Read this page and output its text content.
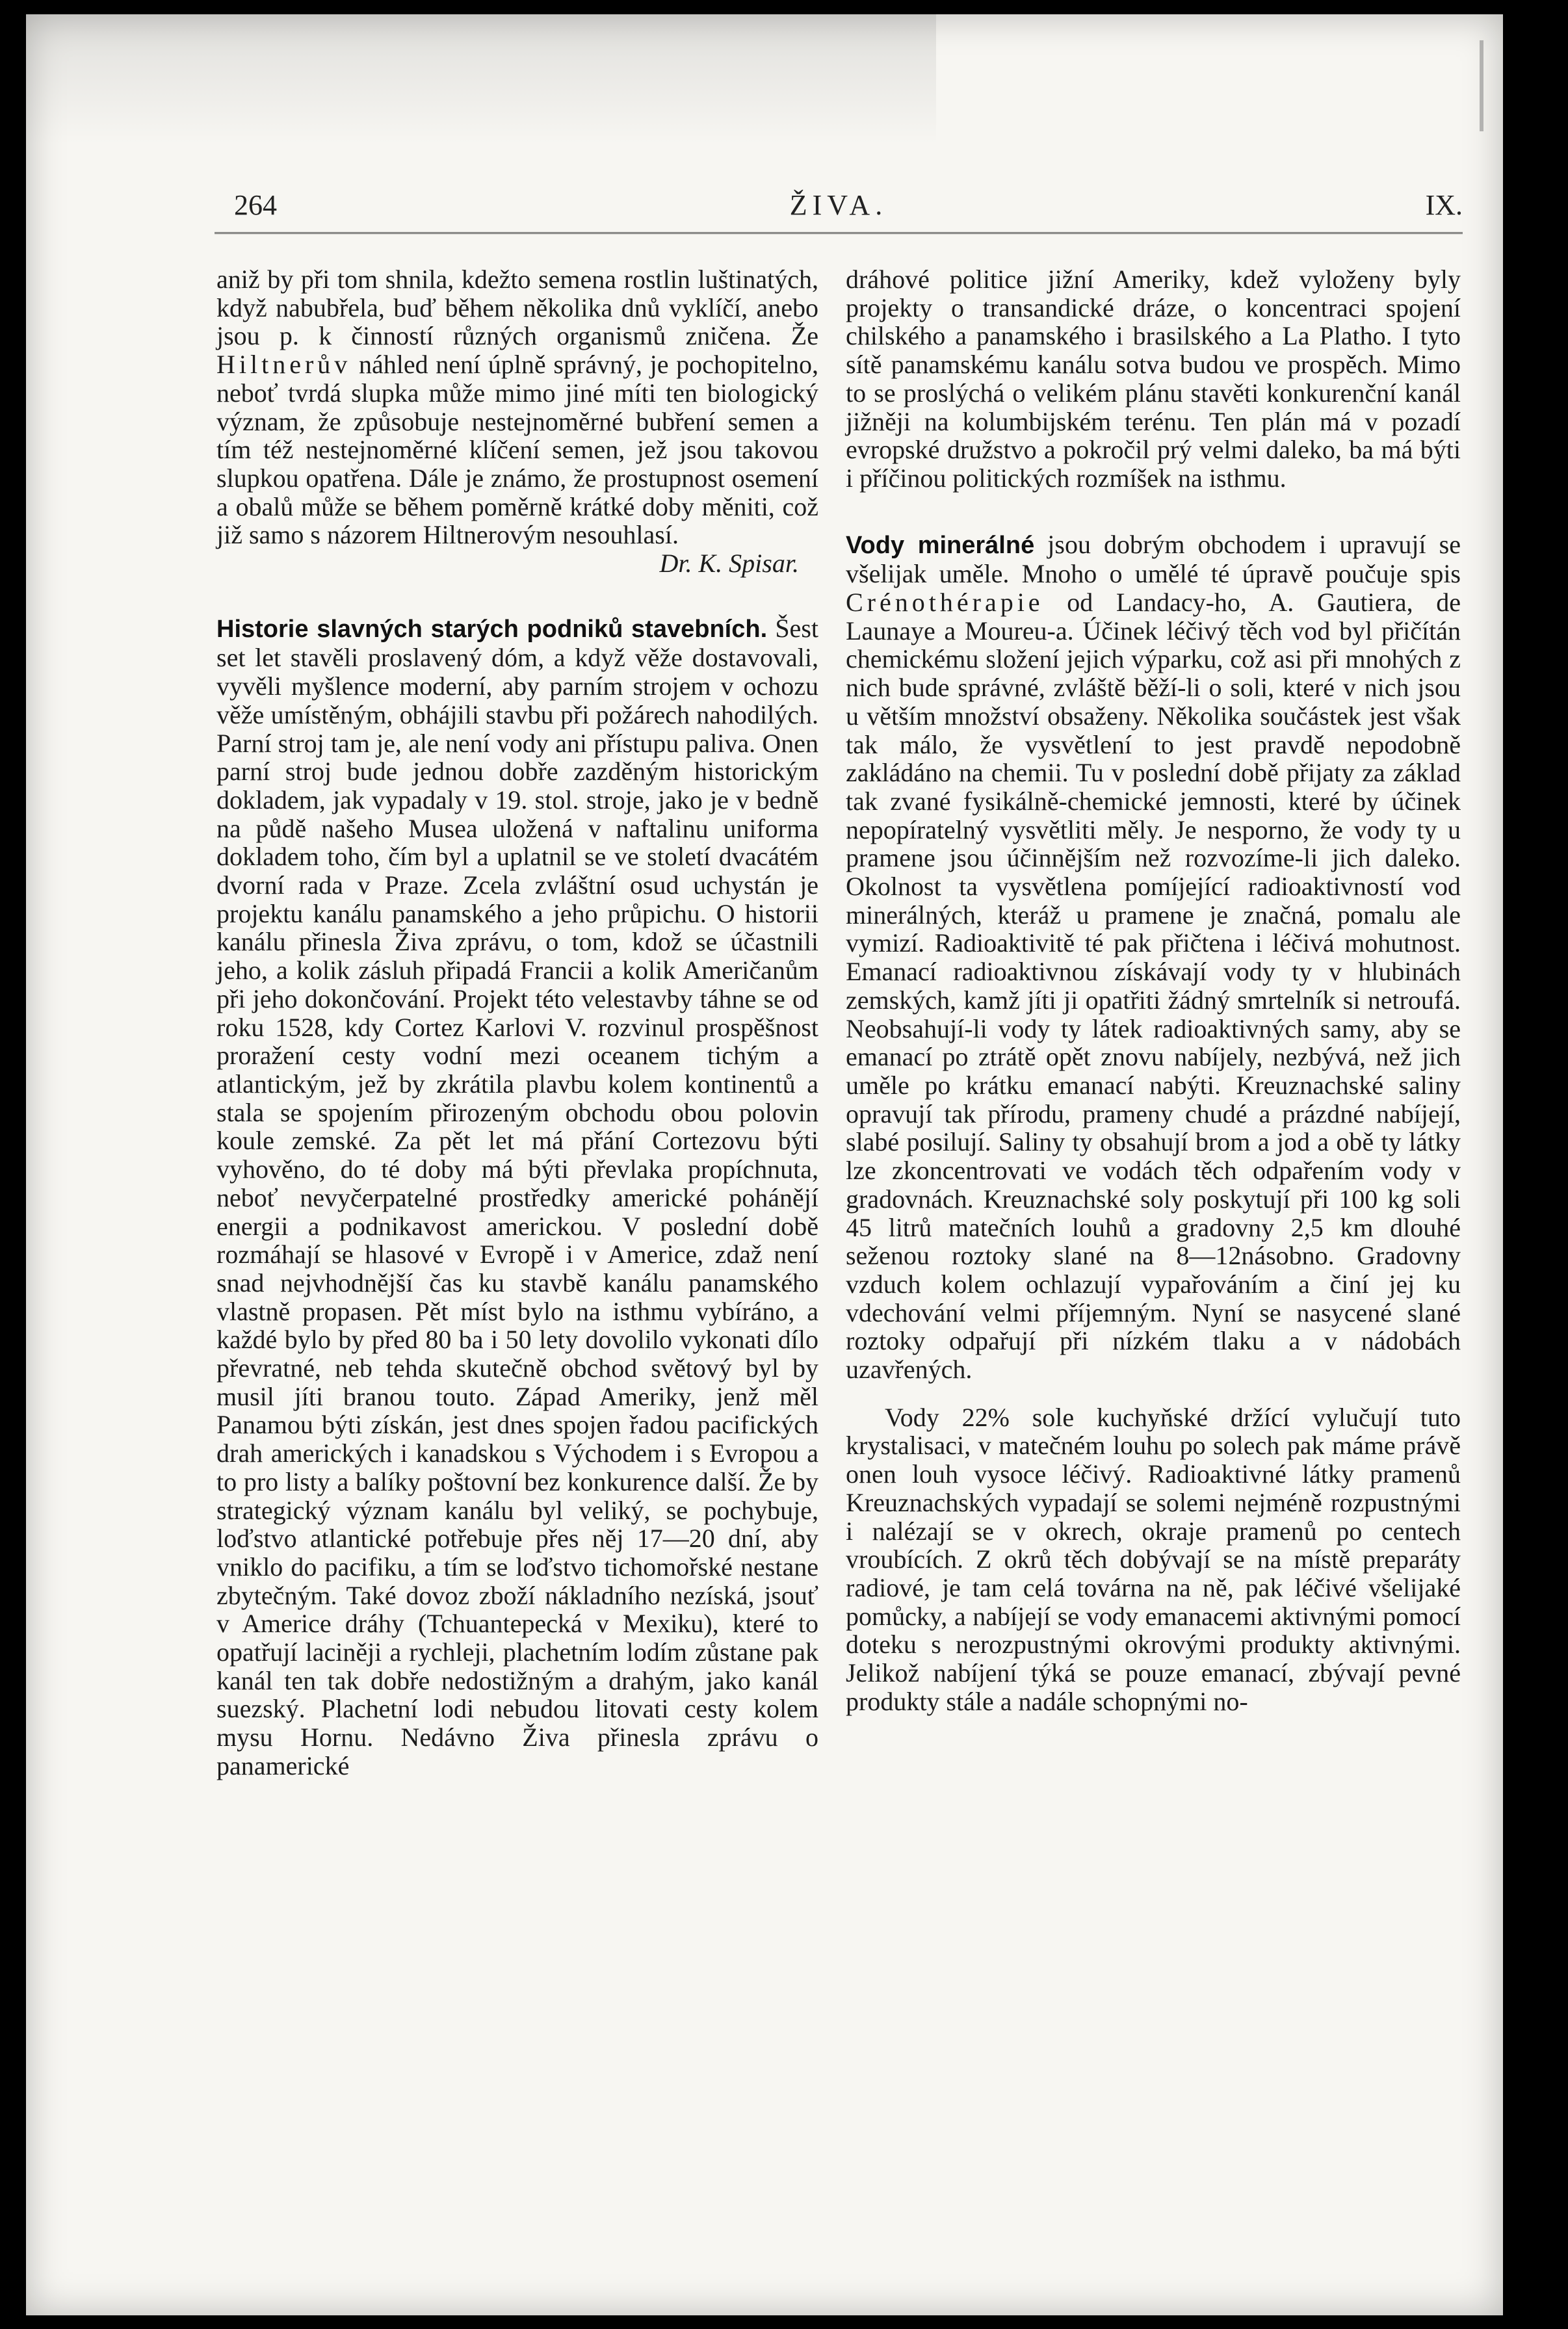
264	ŽIVA.	IX.

aniž by při tom shnila, kdežto semena rostlin luštinatých, když nabubřela, buď během několika dnů vyklíčí, anebo jsou p. k činností různých organismů zničena. Že Hiltnerův náhled není úplně správný, je pochopitelno, neboť tvrdá slupka může mimo jiné míti ten biologický význam, že způsobuje nestejnoměrné bubření semen a tím též nestejnoměrné klíčení semen, jež jsou takovou slupkou opatřena. Dále je známo, že prostupnost osemení a obalů může se během poměrně krátké doby měniti, což již samo s názorem Hiltnerovým nesouhlasí.

Dr. K. Spisar.

Historie slavných starých podniků stavebních. Šest set let stavěli proslavený dóm, a když věže dostavovali, vyvěli myšlence moderní, aby parním strojem v ochozu věže umístěným, obhájili stavbu při požárech nahodilých. Parní stroj tam je, ale není vody ani přístupu paliva. Onen parní stroj bude jednou dobře zazděným historickým dokladem, jak vypadaly v 19. stol. stroje, jako je v bedně na půdě našeho Musea uložená v naftalinu uniforma dokladem toho, čím byl a uplatnil se ve století dvacátém dvorní rada v Praze. Zcela zvláštní osud uchystán je projektu kanálu panamského a jeho průpichu. O historii kanálu přinesla Živa zprávu, o tom, kdož se účastnili jeho, a kolik zásluh připadá Francii a kolik Američanům při jeho dokončování. Projekt této velestavby táhne se od roku 1528, kdy Cortez Karlovi V. rozvinul prospěšnost proražení cesty vodní mezi oceanem tichým a atlantickým, jež by zkrátila plavbu kolem kontinentů a stala se spojením přirozeným obchodu obou polovin koule zemské. Za pět let má přání Cortezovu býti vyhověno, do té doby má býti převlaka propíchnuta, neboť nevyčerpatelné prostředky americké pohánějí energii a podnikavost americkou. V poslední době rozmáhají se hlasové v Evropě i v Americe, zdaž není snad nejvhodnější čas ku stavbě kanálu panamského vlastně propasen. Pět míst bylo na isthmu vybíráno, a každé bylo by před 80 ba i 50 lety dovolilo vykonati dílo převratné, neb tehda skutečně obchod světový byl by musil jíti branou touto. Západ Ameriky, jenž měl Panamou býti získán, jest dnes spojen řadou pacifických drah amerických i kanadskou s Východem i s Evropou a to pro listy a balíky poštovní bez konkurence další. Že by strategický význam kanálu byl veliký, se pochybuje, loďstvo atlantické potřebuje přes něj 17—20 dní, aby vniklo do pacifiku, a tím se loďstvo tichomořské nestane zbytečným. Také dovoz zboží nákladního nezíská, jsouť v Americe dráhy (Tchuantepecká v Mexiku), které to opatřují laciněji a rychleji, plachetním lodím zůstane pak kanál ten tak dobře nedostižným a drahým, jako kanál suezský. Plachetní lodi nebudou litovati cesty kolem mysu Hornu. Nedávno Živa přinesla zprávu o panamerické

dráhové politice jižní Ameriky, kdež vyloženy byly projekty o transandické dráze, o koncentraci spojení chilského a panamského i brasilského a La Platho. I tyto sítě panamskému kanálu sotva budou ve prospěch. Mimo to se proslýchá o velikém plánu stavěti konkurenční kanál jižněji na kolumbijském terénu. Ten plán má v pozadí evropské družstvo a pokročil prý velmi daleko, ba má býti i příčinou politických rozmíšek na isthmu.

Vody minerálné jsou dobrým obchodem i upravují se všelijak uměle. Mnoho o umělé té úpravě poučuje spis Crénothérapie od Landacy-ho, A. Gautiera, de Launaye a Moureu-a. Účinek léčivý těch vod byl přičítán chemickému složení jejich výparku, což asi při mnohých z nich bude správné, zvláště běží-li o soli, které v nich jsou u větším množství obsaženy. Několika součástek jest však tak málo, že vysvětlení to jest pravdě nepodobně zakládáno na chemii. Tu v poslední době přijaty za základ tak zvané fysikálně-chemické jemnosti, které by účinek nepopíratelný vysvětliti měly. Je nesporno, že vody ty u pramene jsou účinnějším než rozvozíme-li jich daleko. Okolnost ta vysvětlena pomíjející radioaktivností vod minerálných, kteráž u pramene je značná, pomalu ale vymizí. Radioaktivitě té pak přičtena i léčivá mohutnost. Emanací radioaktivnou získávají vody ty v hlubinách zemských, kamž jíti ji opatřiti žádný smrtelník si netroufá. Neobsahují-li vody ty látek radioaktivných samy, aby se emanací po ztrátě opět znovu nabíjely, nezbývá, než jich uměle po krátku emanací nabýti. Kreuznachské saliny opravují tak přírodu, prameny chudé a prázdné nabíjejí, slabé posilují. Saliny ty obsahují brom a jod a obě ty látky lze zkoncentrovati ve vodách těch odpařením vody v gradovnách. Kreuznachské soly poskytují při 100 kg soli 45 litrů matečních louhů a gradovny 2,5 km dlouhé seženou roztoky slané na 8—12násobno. Gradovny vzduch kolem ochlazují vypařováním a činí jej ku vdechování velmi příjemným. Nyní se nasycené slané roztoky odpařují při nízkém tlaku a v nádobách uzavřených.

Vody 22% sole kuchyňské držící vylučují tuto krystalisaci, v matečném louhu po solech pak máme právě onen louh vysoce léčivý. Radioaktivné látky pramenů Kreuznachských vypadají se solemi nejméně rozpustnými i nalézají se v okrech, okraje pramenů po centech vroubících. Z okrů těch dobývají se na místě preparáty radiové, je tam celá továrna na ně, pak léčivé všelijaké pomůcky, a nabíjejí se vody emanacemi aktivnými pomocí doteku s nerozpustnými okrovými produkty aktivnými. Jelikož nabíjení týká se pouze emanací, zbývají pevné produkty stále a nadále schopnými no-
